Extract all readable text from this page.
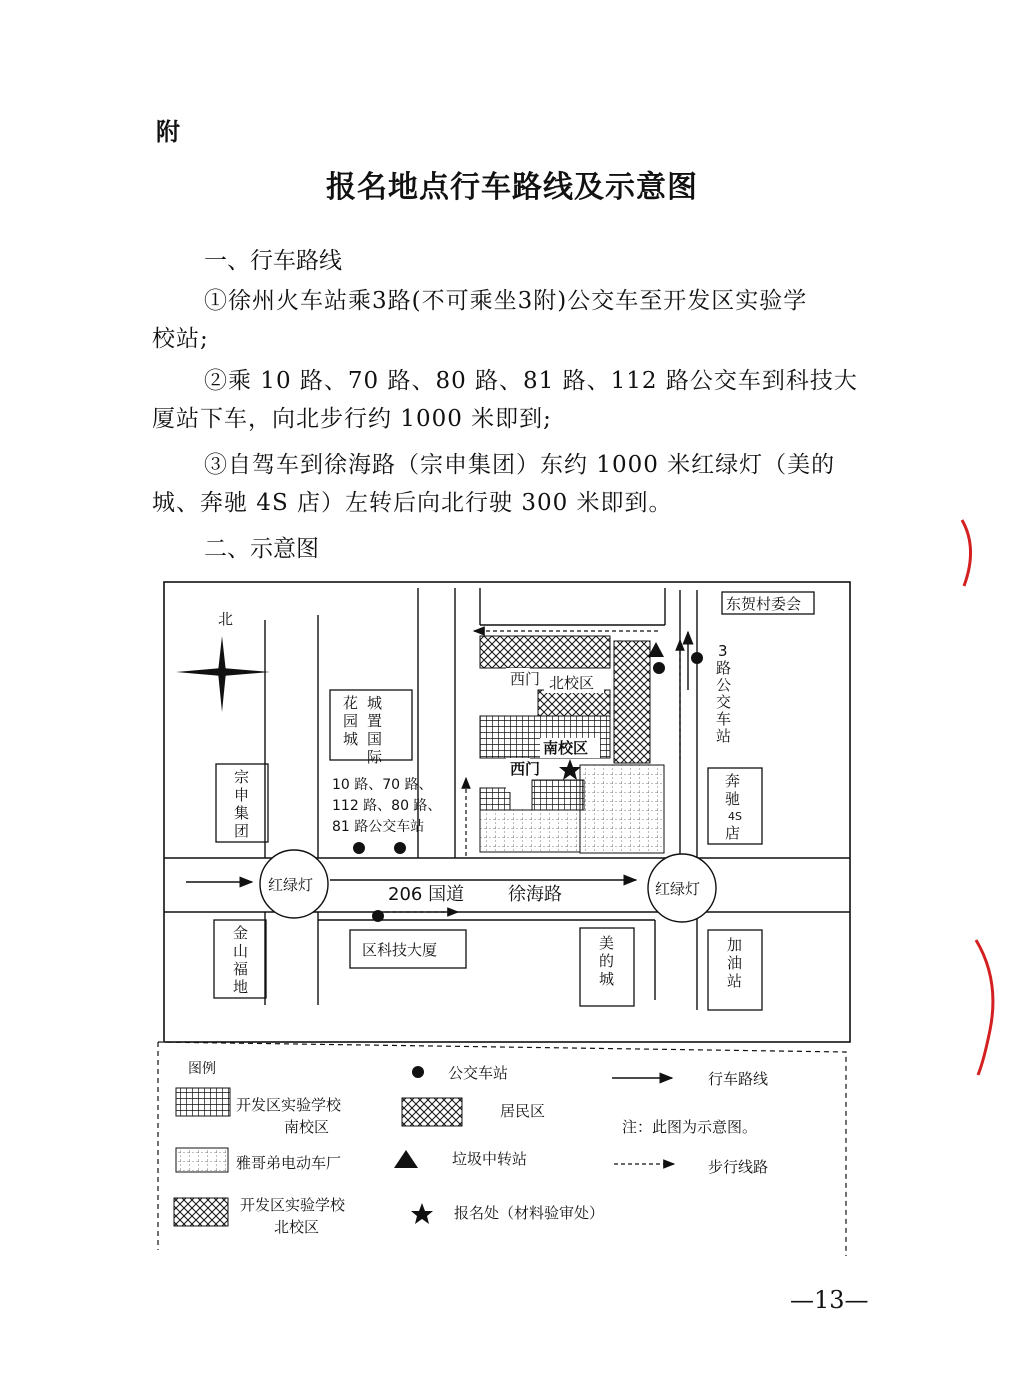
附
报名地点行车路线及示意图
一、行车路线
①徐州火车站乘3路(不可乘坐3附)公交车至开发区实验学
校站;
②乘 10 路、70 路、80 路、81 路、112 路公交车到科技大
厦站下车，向北步行约 1000 米即到;
③自驾车到徐海路（宗申集团）东约 1000 米红绿灯（美的
城、奔驰 4S 店）左转后向北行驶 300 米即到。
二、示意图
北
东贺村委会
西门 北校区
南校区
西门
3 路公交车站
花园城
城置国际
宗申集团
10 路、70 路、
112 路、80 路、
81 路公交车站
奔驰 4S 店
红绿灯	红绿灯
206 国道 徐海路
金山福地
区科技大厦	美的城
加油站
图例
开发区实验学校
南校区
公交车站	行车路线
居民区
注：此图为示意图。
雅哥弟电动车厂	垃圾中转站	步行线路
开发区实验学校
北校区
报名处（材料验审处）
—13—
